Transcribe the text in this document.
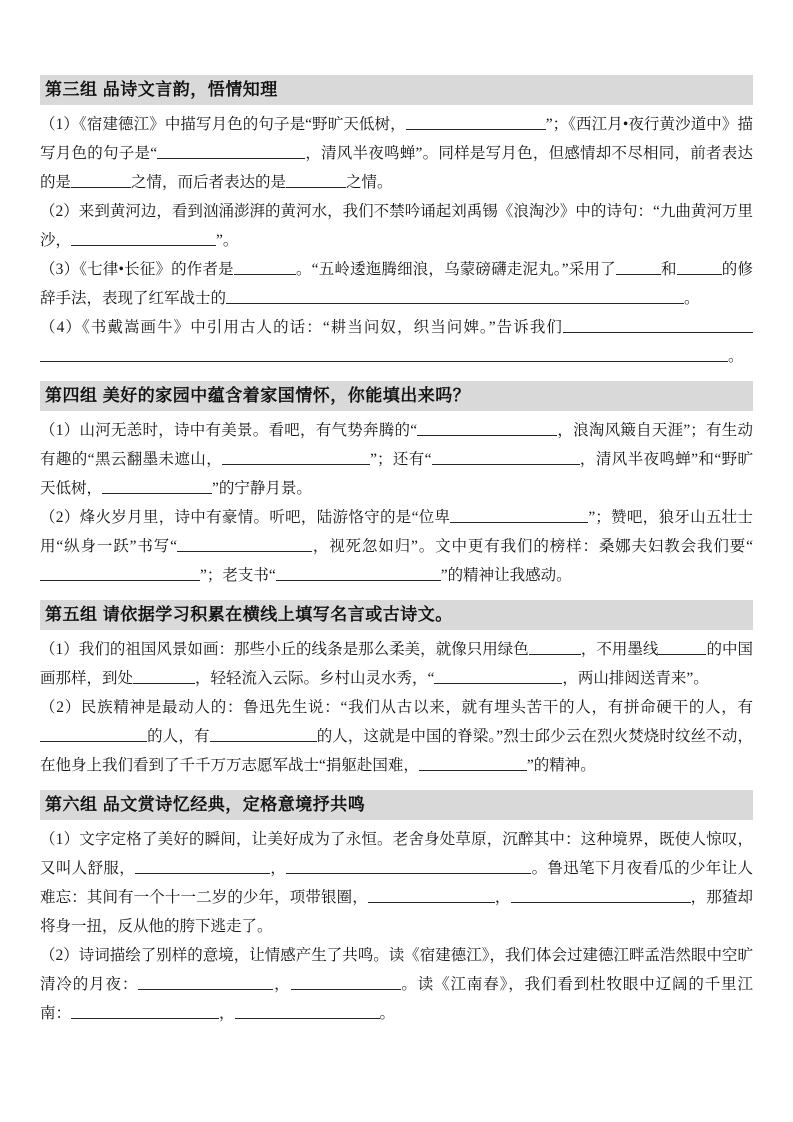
第三组 品诗文言韵，悟情知理

（1）《宿建德江》中描写月色的句子是“野旷天低树，	”；《西江月•夜行黄沙道中》描写月色的句子是“	，清风半夜鸣蝉”。同样是写月色，但感情却不尽相同，前者表达的是	之情，而后者表达的是	之情。

（2）来到黄河边，看到汹涌澎湃的黄河水，我们不禁吟诵起刘禹锡《浪淘沙》中的诗句：“九曲黄河万里沙，	”。

（3）《七律•长征》的作者是	。“五岭逶迤腾细浪，乌蒙磅礴走泥丸。”采用了	和	的修辞手法，表现了红军战士的	。

（4）《书戴嵩画牛》中引用古人的话：“耕当问奴，织当问婢。”告诉我们。

第四组 美好的家园中蕴含着家国情怀，你能填出来吗？

（1）山河无恙时，诗中有美景。看吧，有气势奔腾的“	，浪淘风簸自天涯”；有生动有趣的“黑云翻墨未遮山，	”；还有“	，清风半夜鸣蝉”和“野旷天低树，	”的宁静月景。

（2）烽火岁月里，诗中有豪情。听吧，陆游恪守的是“位卑	”；赞吧，狼牙山五壮士用“纵身一跃”书写“	，视死忽如归”。文中更有我们的榜样：桑娜夫妇教会我们要“”；老支书“	”的精神让我感动。

第五组 请依据学习积累在横线上填写名言或古诗文。

（1）我们的祖国风景如画：那些小丘的线条是那么柔美，就像只用绿色	，不用墨线	的中国画那样，到处	，轻轻流入云际。乡村山灵水秀，“	，两山排闼送青来”。

（2）民族精神是最动人的：鲁迅先生说：“我们从古以来，就有埋头苦干的人，有拼命硬干的人，有的人，有	的人，这就是中国的脊梁。”烈士邱少云在烈火焚烧时纹丝不动，在他身上我们看到了千千万万志愿军战士“捐躯赴国难，	”的精神。

第六组 品文赏诗忆经典，定格意境抒共鸣

（1）文字定格了美好的瞬间，让美好成为了永恒。老舍身处草原，沉醉其中：这种境界，既使人惊叹，又叫人舒服，	，	。鲁迅笔下月夜看瓜的少年让人难忘：其间有一个十一二岁的少年，项带银圈，	，	，那猹却将身一扭，反从他的胯下逃走了。

（2）诗词描绘了别样的意境，让情感产生了共鸣。读《宿建德江》，我们体会过建德江畔孟浩然眼中空旷清冷的月夜：	，	。读《江南春》，我们看到杜牧眼中辽阔的千里江南：	，	。
